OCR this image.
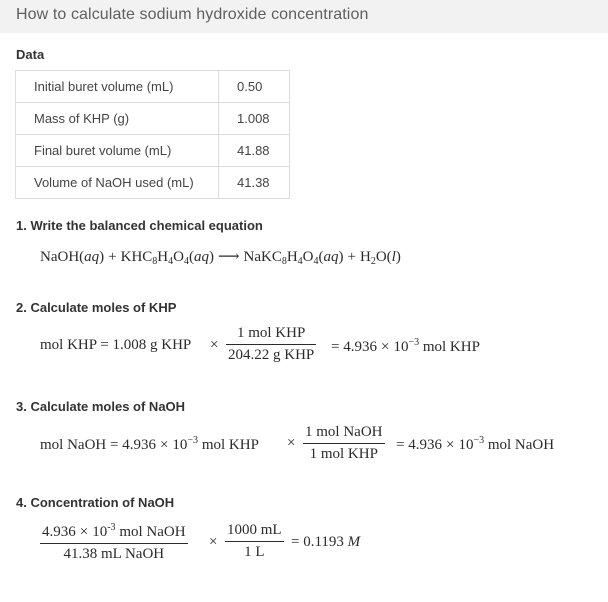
How to calculate sodium hydroxide concentration
Data
Initial buret volume (mL)	0.50
Mass of KHP (g)	1.008
Final buret volume (mL)	41.88
Volume of NaOH used (mL)	41.38
1. Write the balanced chemical equation
NaOH(aq) + $KHC_8H_4O_4(aq)$ ⟶ $NaKC_8H_4O_4(aq) + H_2O(l)$
2. Calculate moles of KHP
mol KHP = 1.008 g KHP ×
1 mol KHP
204.22 g KHP = $4.936 \times 10^{-3}$ mol KHP
3. Calculate moles of NaOH
mol NaOH = $4.936 \times 10^{-3}$ mol KHP ×
1 mol NaOH
1 mol KHP
= $4.936 \times 10^{-3}$ mol NaOH
4. Concentration of NaOH
$4.936 \times 10^{-3}$ mol NaOH
41.38 mL NaOH
× $\frac{1000 mL}{1 L} = 0.1193$ M
